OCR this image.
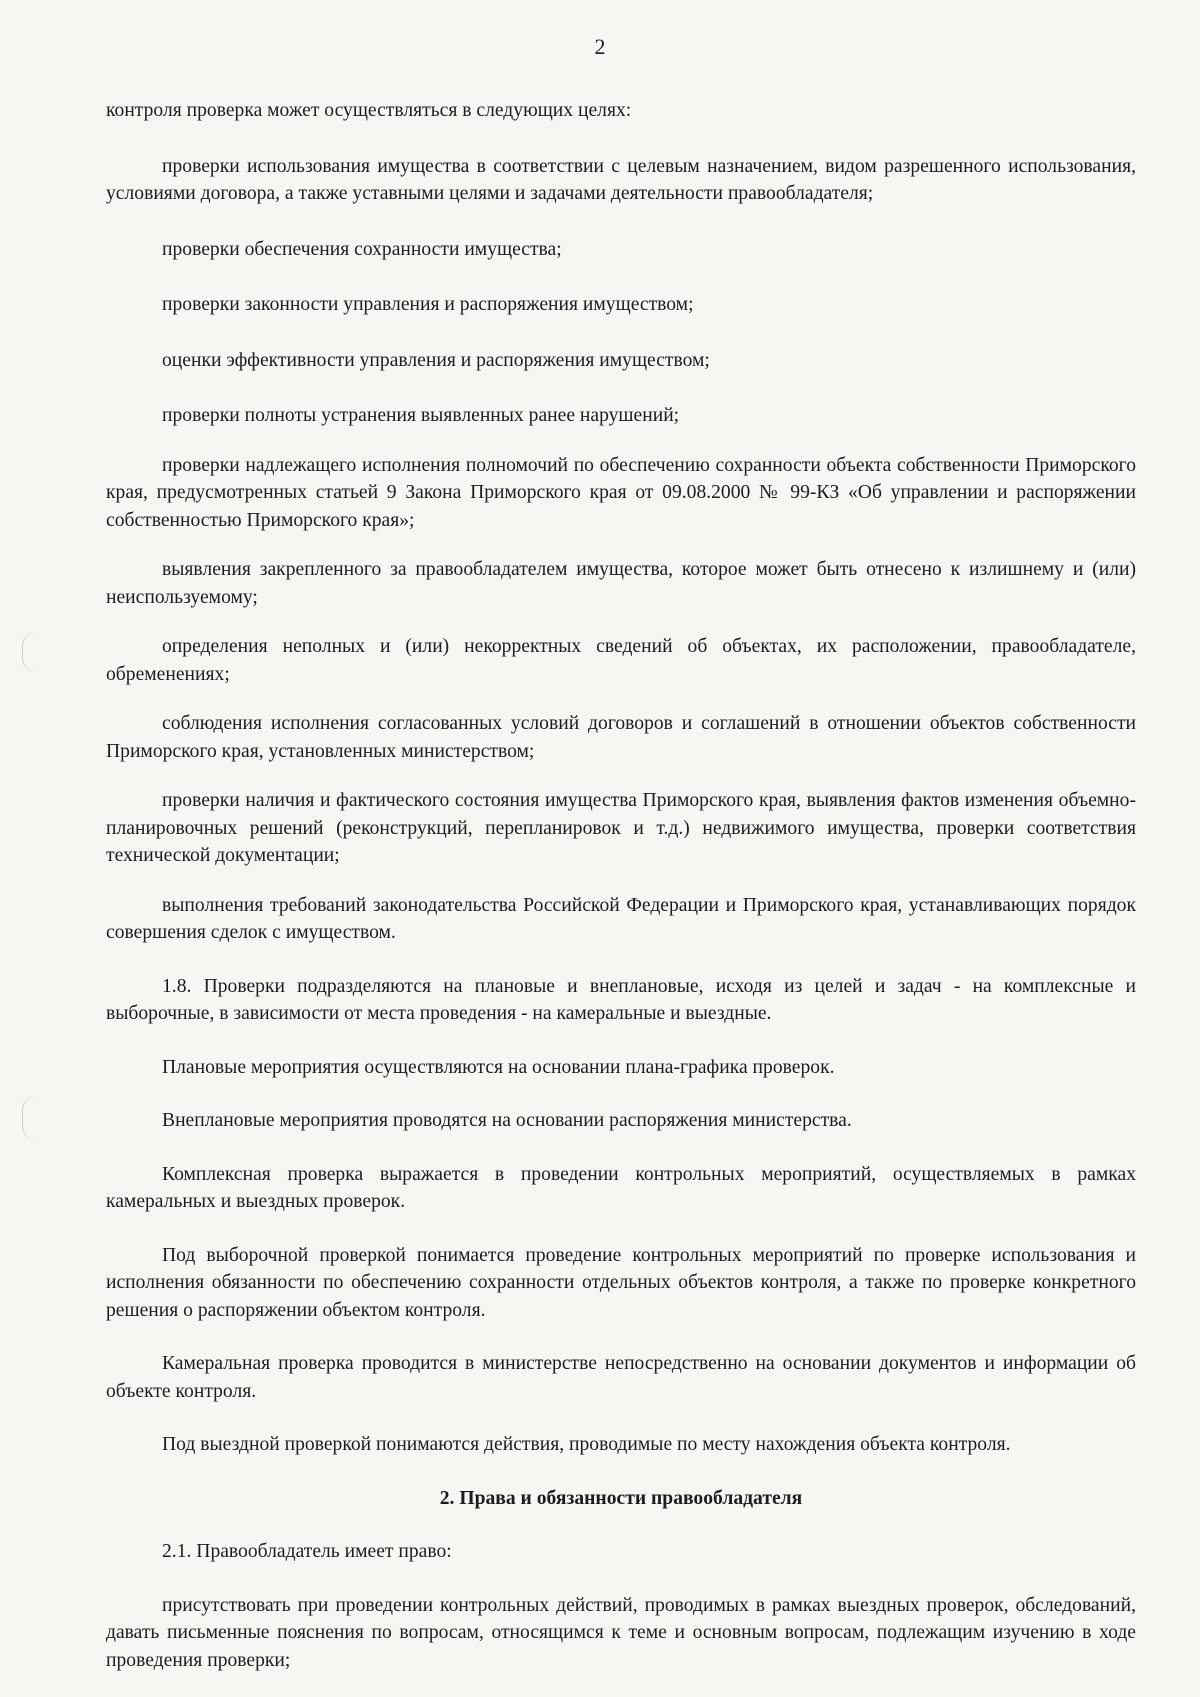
2

контроля проверка может осуществляться в следующих целях:

проверки использования имущества в соответствии с целевым назначением, видом разрешенного использования, условиями договора, а также уставными целями и задачами деятельности правообладателя;

проверки обеспечения сохранности имущества;

проверки законности управления и распоряжения имуществом;

оценки эффективности управления и распоряжения имуществом;

проверки полноты устранения выявленных ранее нарушений;

проверки надлежащего исполнения полномочий по обеспечению сохранности объекта собственности Приморского края, предусмотренных статьей 9 Закона Приморского края от 09.08.2000 № 99-КЗ «Об управлении и распоряжении собственностью Приморского края»;

выявления закрепленного за правообладателем имущества, которое может быть отнесено к излишнему и (или) неиспользуемому;

определения неполных и (или) некорректных сведений об объектах, их расположении, правообладателе, обременениях;

соблюдения исполнения согласованных условий договоров и соглашений в отношении объектов собственности Приморского края, установленных министерством;

проверки наличия и фактического состояния имущества Приморского края, выявления фактов изменения объемно-планировочных решений (реконструкций, перепланировок и т.д.) недвижимого имущества, проверки соответствия технической документации;

выполнения требований законодательства Российской Федерации и Приморского края, устанавливающих порядок совершения сделок с имуществом.

1.8. Проверки подразделяются на плановые и внеплановые, исходя из целей и задач - на комплексные и выборочные, в зависимости от места проведения - на камеральные и выездные.

Плановые мероприятия осуществляются на основании плана-графика проверок.

Внеплановые мероприятия проводятся на основании распоряжения министерства.

Комплексная проверка выражается в проведении контрольных мероприятий, осуществляемых в рамках камеральных и выездных проверок.

Под выборочной проверкой понимается проведение контрольных мероприятий по проверке использования и исполнения обязанности по обеспечению сохранности отдельных объектов контроля, а также по проверке конкретного решения о распоряжении объектом контроля.

Камеральная проверка проводится в министерстве непосредственно на основании документов и информации об объекте контроля.

Под выездной проверкой понимаются действия, проводимые по месту нахождения объекта контроля.

2. Права и обязанности правообладателя

2.1. Правообладатель имеет право:

присутствовать при проведении контрольных действий, проводимых в рамках выездных проверок, обследований, давать письменные пояснения по вопросам, относящимся к теме и основным вопросам, подлежащим изучению в ходе проведения проверки;
